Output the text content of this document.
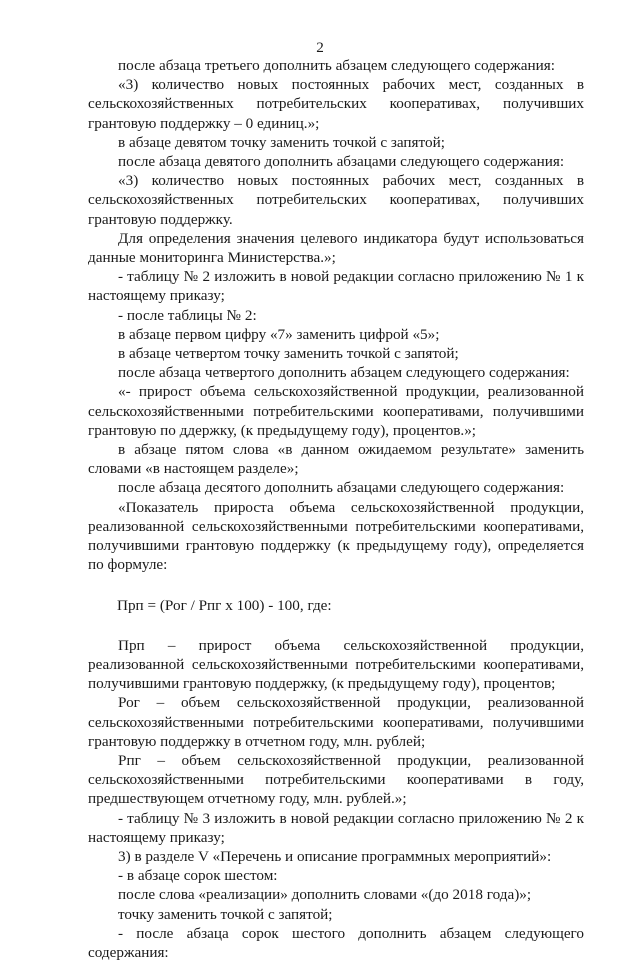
2

после абзаца третьего дополнить абзацем следующего содержания:

«3) количество новых постоянных рабочих мест, созданных в сельскохозяйственных потребительских кооперативах, получивших грантовую поддержку – 0 единиц.»;

в абзаце девятом точку заменить точкой с запятой;

после абзаца девятого дополнить абзацами следующего содержания:

«3) количество новых постоянных рабочих мест, созданных в сельскохозяйственных потребительских кооперативах, получивших грантовую поддержку.

Для определения значения целевого индикатора будут использоваться данные мониторинга Министерства.»;

- таблицу № 2 изложить в новой редакции согласно приложению № 1 к настоящему приказу;

- после таблицы № 2:

в абзаце первом цифру «7» заменить цифрой «5»;

в абзаце четвертом точку заменить точкой с запятой;

после абзаца четвертого дополнить абзацем следующего содержания:

«- прирост объема сельскохозяйственной продукции, реализованной сельскохозяйственными потребительскими кооперативами, получившими грантовую по ддержку, (к предыдущему году), процентов.»;

в абзаце пятом слова «в данном ожидаемом результате» заменить словами «в настоящем разделе»;

после абзаца десятого дополнить абзацами следующего содержания:

«Показатель прироста объема сельскохозяйственной продукции, реализованной сельскохозяйственными потребительскими кооперативами, получившими грантовую поддержку (к предыдущему году), определяется по формуле:

Прп = (Рог / Рпг х 100) - 100, где:

Прп – прирост объема сельскохозяйственной продукции, реализованной сельскохозяйственными потребительскими кооперативами, получившими грантовую поддержку, (к предыдущему году), процентов;

Рог – объем сельскохозяйственной продукции, реализованной сельскохозяйственными потребительскими кооперативами, получившими грантовую поддержку в отчетном году, млн. рублей;

Рпг – объем сельскохозяйственной продукции, реализованной сельскохозяйственными потребительскими кооперативами в году, предшествующем отчетному году, млн. рублей.»;

- таблицу № 3 изложить в новой редакции согласно приложению № 2 к настоящему приказу;

3) в разделе V «Перечень и описание программных мероприятий»:

- в абзаце сорок шестом:

после слова «реализации» дополнить словами «(до 2018 года)»;

точку заменить точкой с запятой;

- после абзаца сорок шестого дополнить абзацем следующего содержания:
